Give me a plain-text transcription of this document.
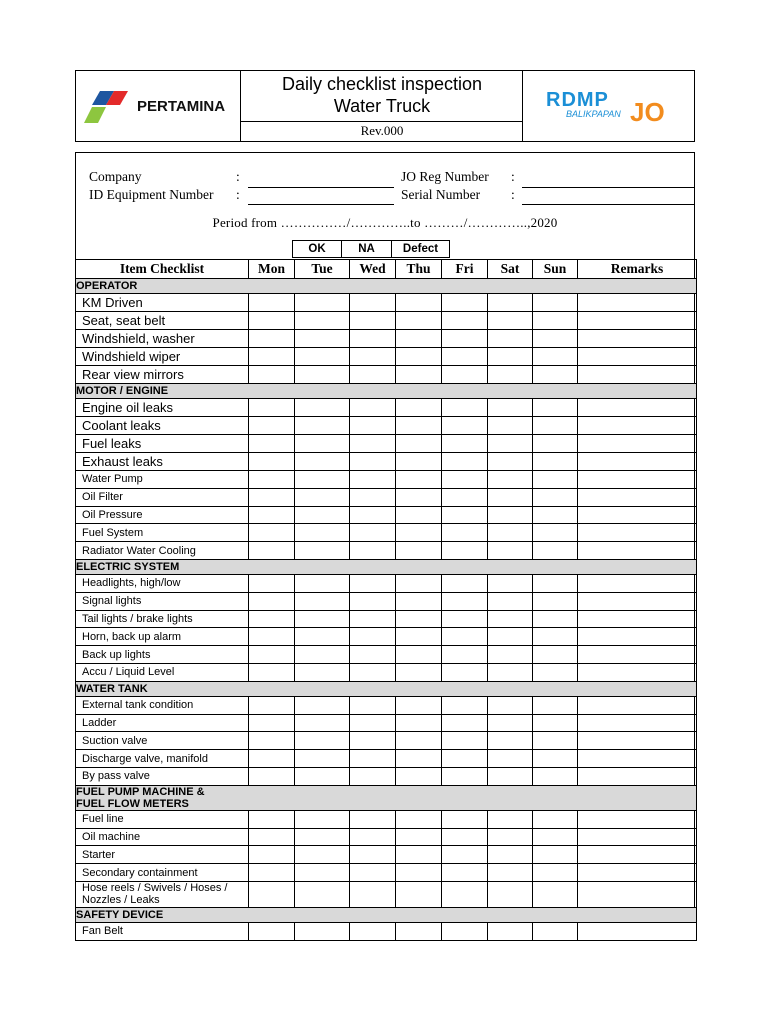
PERTAMINA
Daily checklist inspection
Water Truck
Rev.000
RDMP
BALIKPAPAN JO
Company	:
ID Equipment Number :
JO Reg Number :
Serial Number :
Period from ……………/…………..to ………/…………..,2020
OK	NA	Defect
Item Checklist	Mon	Tue	Wed	Thu	Fri	Sat	Sun	Remarks
OPERATOR								
KM Driven								
Seat, seat belt								
Windshield, washer								
Windshield wiper								
Rear view mirrors								
MOTOR / ENGINE								
Engine oil leaks								
Coolant leaks								
Fuel leaks								
Exhaust leaks								
Water Pump								
Oil Filter								
Oil Pressure								
Fuel System								
Radiator Water Cooling								
ELECTRIC SYSTEM								
Headlights, high/low								
Signal lights								
Tail lights / brake lights								
Horn, back up alarm								
Back up lights								
Accu / Liquid Level								
WATER TANK								
External tank condition								
Ladder								
Suction valve								
Discharge valve, manifold								
By pass valve								
FUEL PUMP MACHINE & FUEL FLOW METERS								
Fuel line								
Oil machine								
Starter								
Secondary containment								
Hose reels / Swivels / Hoses / Nozzles / Leaks								
SAFETY DEVICE								
Fan Belt								
